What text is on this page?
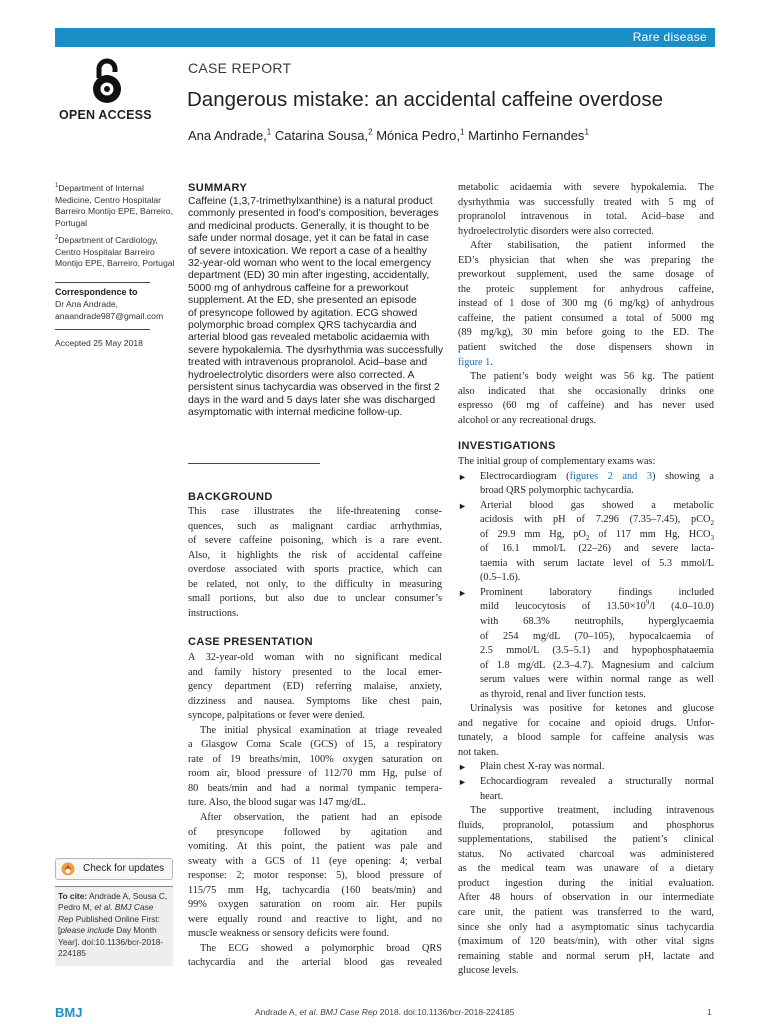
Rare disease
OPEN ACCESS
CASE REPORT
Dangerous mistake: an accidental caffeine overdose
Ana Andrade,$^1$ Catarina Sousa,$^2$ Mónica Pedro,$^1$ Martinho Fernandes$^1$
$^1$Department of Internal
Medicine, Centro Hospitalar
Barreiro Montijo EPE, Barreiro,
Portugal
$^2$Department of Cardiology,
Centro Hospitalar Barreiro
Montijo EPE, Barreiro, Portugal
Correspondence to
Dr Ana Andrade,
anaandrade987@gmail.com
Accepted 25 May 2018
Check for updates
To cite: Andrade A, Sousa C,
Pedro M, et al. BMJ Case
Rep Published Online First:
[please include Day Month
Year]. doi:10.1136/bcr-2018-
224185
SUMMARY
Caffeine (1,3,7-trimethylxanthine) is a natural product
commonly presented in food’s composition, beverages
and medicinal products. Generally, it is thought to be
safe under normal dosage, yet it can be fatal in case
of severe intoxication. We report a case of a healthy
32-year-old woman who went to the local emergency
department (ED) 30 min after ingesting, accidentally,
5000 mg of anhydrous caffeine for a preworkout
supplement. At the ED, she presented an episode
of presyncope followed by agitation. ECG showed
polymorphic broad complex QRS tachycardia and
arterial blood gas revealed metabolic acidaemia with
severe hypokalemia. The dysrhythmia was successfully
treated with intravenous propranolol. Acid–base and
hydroelectrolytic disorders were also corrected. A
persistent sinus tachycardia was observed in the first 2
days in the ward and 5 days later she was discharged
asymptomatic with internal medicine follow-up.
BACKGROUND
This case illustrates the life-threatening conse-
quences, such as malignant cardiac arrhythmias,
of severe caffeine poisoning, which is a rare event.
Also, it highlights the risk of accidental caffeine
overdose associated with sports practice, which can
be related, not only, to the difficulty in measuring
small portions, but also due to unclear consumer’s
instructions.
CASE PRESENTATION
A 32-year-old woman with no significant medical
and family history presented to the local emer-
gency department (ED) referring malaise, anxiety,
dizziness and nausea. Symptoms like chest pain,
syncope, palpitations or fever were denied.
The initial physical examination at triage revealed
a Glasgow Coma Scale (GCS) of 15, a respiratory
rate of 19 breaths/min, 100% oxygen saturation on
room air, blood pressure of 112/70 mm Hg, pulse of
80 beats/min and had a normal tympanic tempera-
ture. Also, the blood sugar was 147 mg/dL.
After observation, the patient had an episode
of presyncope followed by agitation and
vomiting. At this point, the patient was pale and
sweaty with a GCS of 11 (eye opening: 4; verbal
response: 2; motor response: 5), blood pressure of
115/75 mm Hg, tachycardia (160 beats/min) and
99% oxygen saturation on room air. Her pupils
were equally round and reactive to light, and no
muscle weakness or sensory deficits were found.
The ECG showed a polymorphic broad QRS
tachycardia and the arterial blood gas revealed
metabolic acidaemia with severe hypokalemia. The
dysrhythmia was successfully treated with 5 mg of
propranolol intravenous in total. Acid–base and
hydroelectrolytic disorders were also corrected.
After stabilisation, the patient informed the
ED’s physician that when she was preparing the
preworkout supplement, used the same dosage of
the proteic supplement for anhydrous caffeine,
instead of 1 dose of 300 mg (6 mg/kg) of anhydrous
caffeine, the patient consumed a total of 5000 mg
(89 mg/kg), 30 min before going to the ED. The
patient switched the dose dispensers shown in
figure 1.
The patient’s body weight was 56 kg. The patient
also indicated that she occasionally drinks one
espresso (60 mg of caffeine) and has never used
alcohol or any recreational drugs.
INVESTIGATIONS
The initial group of complementary exams was:
► Electrocardiogram (figures 2 and 3) showing a
broad QRS polymorphic tachycardia.
► Arterial blood gas showed a metabolic
acidosis with pH of 7.296 (7.35–7.45), pCO$_2$
of 29.9 mm Hg, $pO_2$ of 117 mm Hg, $HCO_3$
of 16.1 mmol/L (22–26) and severe lacta-
taemia with serum lactate level of 5.3 mmol/L
(0.5–1.6).
► Prominent laboratory findings included
mild leucocytosis of $13.50\times 10^9/l$ (4.0–10.0)
with 68.3% neutrophils, hyperglycaemia
of 254 mg/dL (70–105), hypocalcaemia of
2.5 mmol/L (3.5–5.1) and hypophosphataemia
of 1.8 mg/dL (2.3–4.7). Magnesium and calcium
serum values were within normal range as well
as thyroid, renal and liver function tests.
Urinalysis was positive for ketones and glucose
and negative for cocaine and opioid drugs. Unfor-
tunately, a blood sample for caffeine analysis was
not taken.
► Plain chest X-ray was normal.
► Echocardiogram revealed a structurally normal
heart.
The supportive treatment, including intravenous
fluids, propranolol, potassium and phosphorus
supplementations, stabilised the patient’s clinical
status. No activated charcoal was administered
as the medical team was unaware of a dietary
product ingestion during the initial evaluation.
After 48 hours of observation in our intermediate
care unit, the patient was transferred to the ward,
since she only had a asymptomatic sinus tachycardia
(maximum of 120 beats/min), with other vital signs
remaining stable and normal serum pH, lactate and
glucose levels.
BMJ	Andrade A, et al. BMJ Case Rep 2018. doi:10.1136/bcr-2018-224185	1
